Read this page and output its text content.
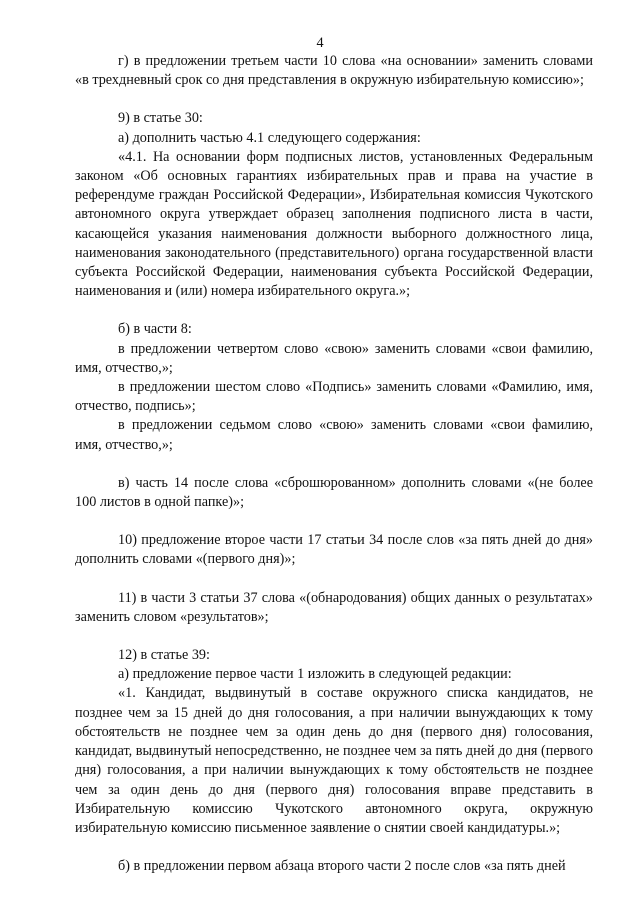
4

г) в предложении третьем части 10 слова «на основании» заменить словами «в трехдневный срок со дня представления в окружную избирательную комиссию»;

9) в статье 30:

а) дополнить частью 4.1 следующего содержания:

«4.1. На основании форм подписных листов, установленных Федеральным законом «Об основных гарантиях избирательных прав и права на участие в референдуме граждан Российской Федерации», Избирательная комиссия Чукотского автономного округа утверждает образец заполнения подписного листа в части, касающейся указания наименования должности выборного должностного лица, наименования законодательного (представительного) органа государственной власти субъекта Российской Федерации, наименования субъекта Российской Федерации, наименования и (или) номера избирательного округа.»;

б) в части 8:

в предложении четвертом слово «свою» заменить словами «свои фамилию, имя, отчество,»;

в предложении шестом слово «Подпись» заменить словами «Фамилию, имя, отчество, подпись»;

в предложении седьмом слово «свою» заменить словами «свои фамилию, имя, отчество,»;

в) часть 14 после слова «сброшюрованном» дополнить словами «(не более 100 листов в одной папке)»;

10) предложение второе части 17 статьи 34 после слов «за пять дней до дня» дополнить словами «(первого дня)»;

11) в части 3 статьи 37 слова «(обнародования) общих данных о результатах» заменить словом «результатов»;

12) в статье 39:

а) предложение первое части 1 изложить в следующей редакции:

«1. Кандидат, выдвинутый в составе окружного списка кандидатов, не позднее чем за 15 дней до дня голосования, а при наличии вынуждающих к тому обстоятельств не позднее чем за один день до дня (первого дня) голосования, кандидат, выдвинутый непосредственно, не позднее чем за пять дней до дня (первого дня) голосования, а при наличии вынуждающих к тому обстоятельств не позднее чем за один день до дня (первого дня) голосования вправе представить в Избирательную комиссию Чукотского автономного округа, окружную избирательную комиссию письменное заявление о снятии своей кандидатуры.»;

б) в предложении первом абзаца второго части 2 после слов «за пять дней
